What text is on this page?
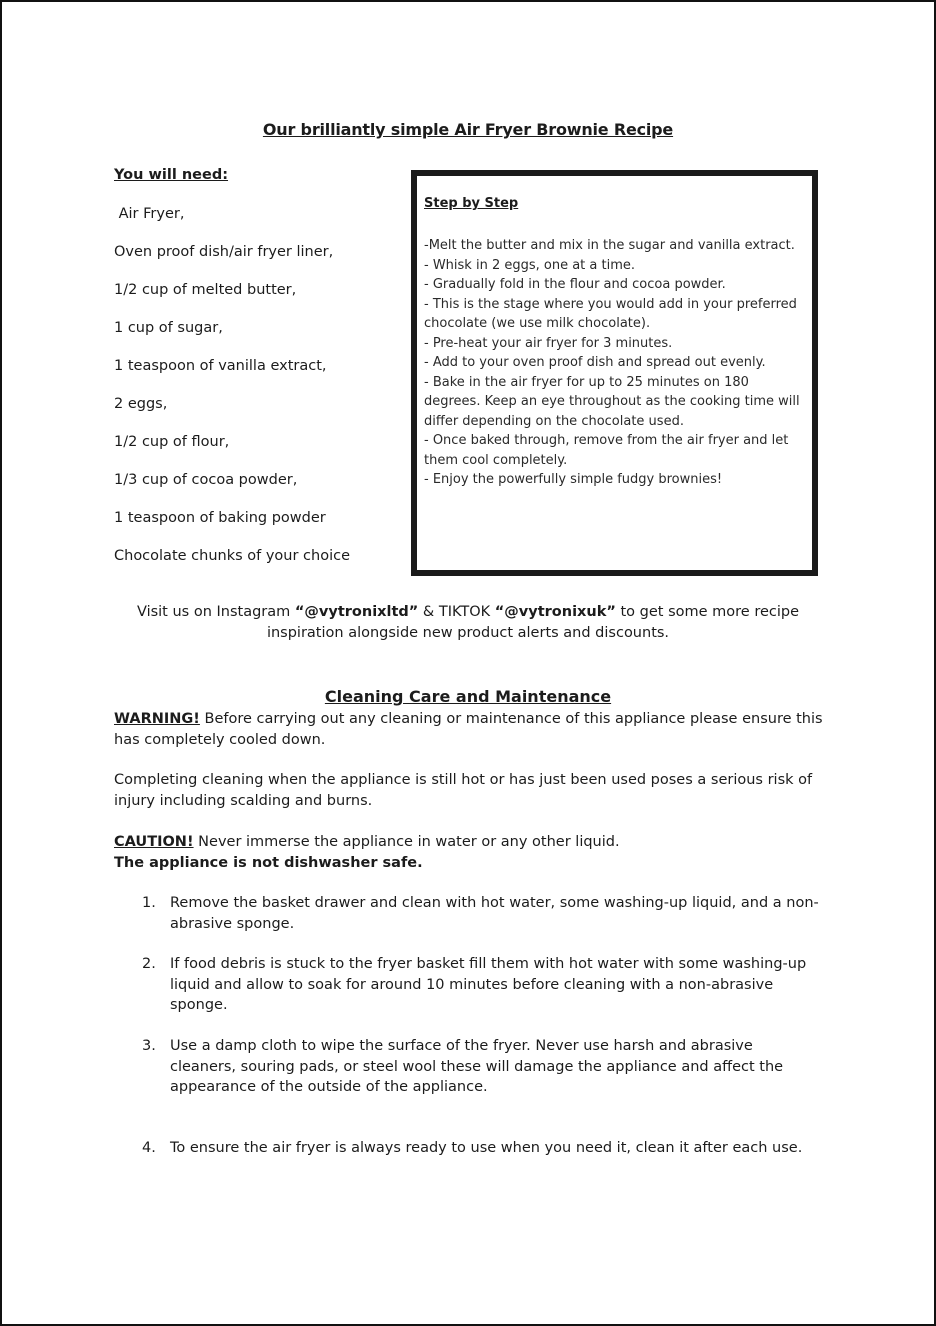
Our brilliantly simple Air Fryer Brownie Recipe
You will need:
Air Fryer,
Oven proof dish/air fryer liner,
1/2 cup of melted butter,
1 cup of sugar,
1 teaspoon of vanilla extract,
2 eggs,
1/2 cup of flour,
1/3 cup of cocoa powder,
1 teaspoon of baking powder
Chocolate chunks of your choice
Step by Step
-Melt the butter and mix in the sugar and vanilla extract.
- Whisk in 2 eggs, one at a time.
- Gradually fold in the flour and cocoa powder.
- This is the stage where you would add in your preferred chocolate (we use milk chocolate).
- Pre-heat your air fryer for 3 minutes.
- Add to your oven proof dish and spread out evenly.
- Bake in the air fryer for up to 25 minutes on 180 degrees. Keep an eye throughout as the cooking time will differ depending on the chocolate used.
- Once baked through, remove from the air fryer and let them cool completely.
- Enjoy the powerfully simple fudgy brownies!
Visit us on Instagram “@vytronixltd” & TIKTOK “@vytronixuk” to get some more recipe inspiration alongside new product alerts and discounts.
Cleaning Care and Maintenance
WARNING! Before carrying out any cleaning or maintenance of this appliance please ensure this has completely cooled down.
Completing cleaning when the appliance is still hot or has just been used poses a serious risk of injury including scalding and burns.
CAUTION! Never immerse the appliance in water or any other liquid.
The appliance is not dishwasher safe.
1. Remove the basket drawer and clean with hot water, some washing-up liquid, and a non-abrasive sponge.
2. If food debris is stuck to the fryer basket fill them with hot water with some washing-up liquid and allow to soak for around 10 minutes before cleaning with a non-abrasive sponge.
3. Use a damp cloth to wipe the surface of the fryer. Never use harsh and abrasive cleaners, souring pads, or steel wool these will damage the appliance and affect the appearance of the outside of the appliance.
4. To ensure the air fryer is always ready to use when you need it, clean it after each use.
